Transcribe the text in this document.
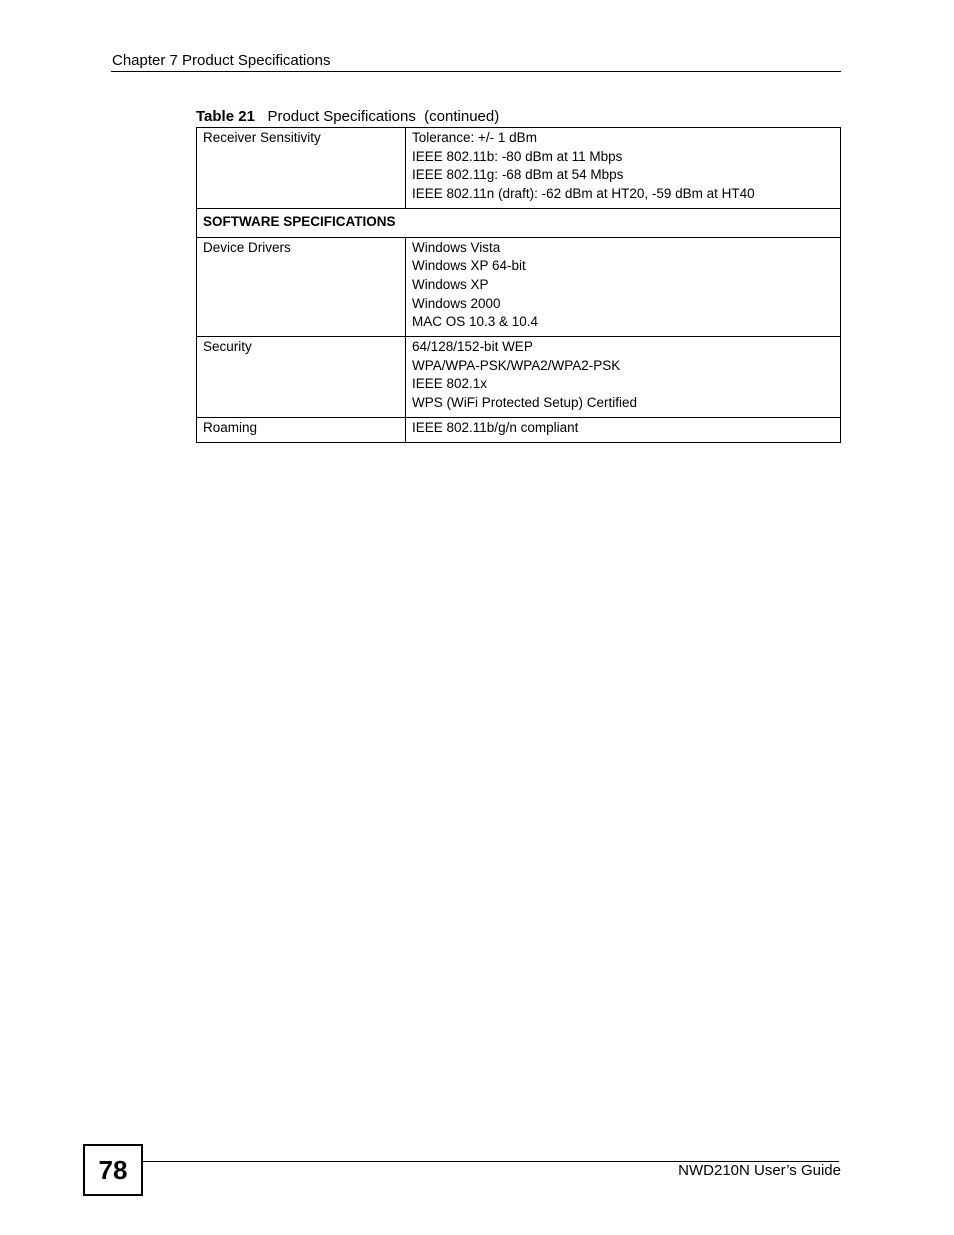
Chapter 7 Product Specifications
Table 21 Product Specifications  (continued)
Receiver Sensitivity	Tolerance: +/- 1 dBm
IEEE 802.11b: -80 dBm at 11 Mbps
IEEE 802.11g: -68 dBm at 54 Mbps
IEEE 802.11n (draft): -62 dBm at HT20, -59 dBm at HT40

SOFTWARE SPECIFICATIONS	
Device Drivers	Windows Vista
Windows XP 64-bit
Windows XP
Windows 2000
MAC OS 10.3 & 10.4

Security	64/128/152-bit WEP
WPA/WPA-PSK/WPA2/WPA2-PSK
IEEE 802.1x
WPS (WiFi Protected Setup) Certified

Roaming	IEEE 802.11b/g/n compliant
78	NWD210N User’s Guide
